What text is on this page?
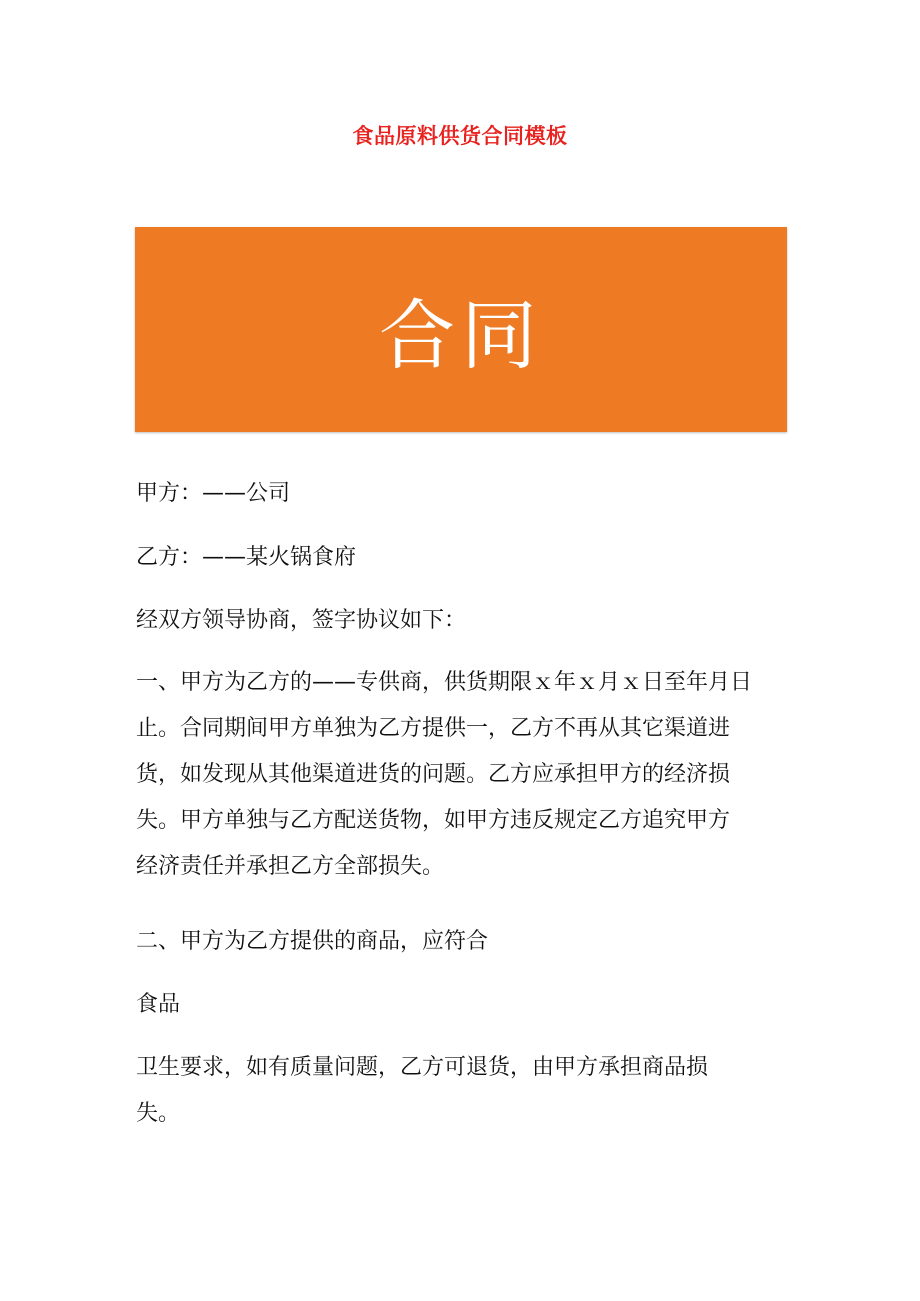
食品原料供货合同模板
合同
甲方：——公司
乙方：——某火锅食府
经双方领导协商，签字协议如下：

一、甲方为乙方的——专供商，供货期限ｘ年ｘ月ｘ日至年月日

止。合同期间甲方单独为乙方提供一，乙方不再从其它渠道进

货，如发现从其他渠道进货的问题。乙方应承担甲方的经济损

失。甲方单独与乙方配送货物，如甲方违反规定乙方追究甲方

经济责任并承担乙方全部损失。

二、甲方为乙方提供的商品，应符合
食品

卫生要求，如有质量问题，乙方可退货，由甲方承担商品损

失。
